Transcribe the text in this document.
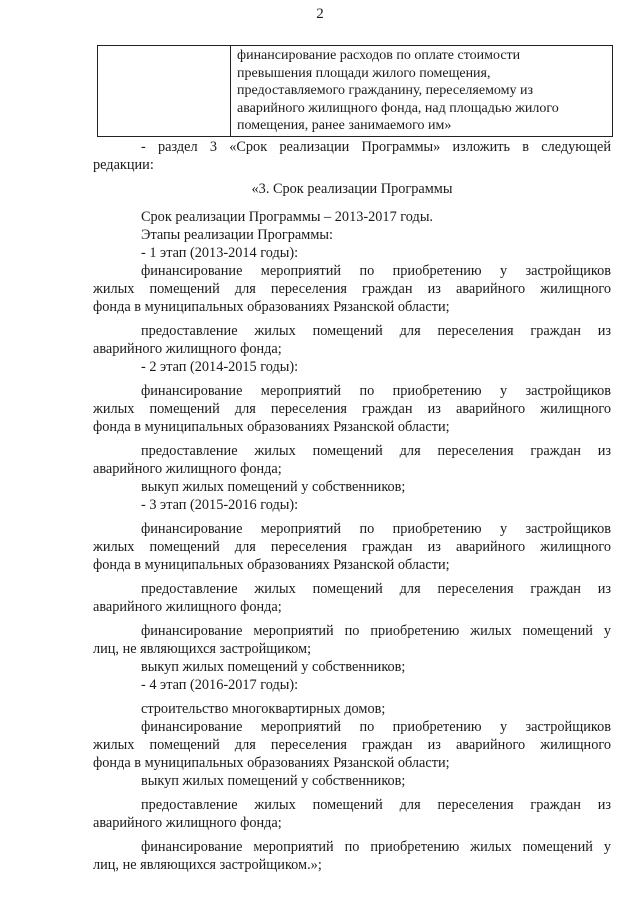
2
финансирование расходов по оплате стоимости
превышения площади жилого помещения,
предоставляемого гражданину, переселяемому из
аварийного жилищного фонда, над площадью жилого
помещения, ранее занимаемого им»

- раздел 3 «Срок реализации Программы» изложить в следующей
редакции:

«3. Срок реализации Программы

Срок реализации Программы – 2013-2017 годы.

Этапы реализации Программы:

- 1 этап (2013-2014 годы):

финансирование мероприятий по приобретению у застройщиков
жилых помещений для переселения граждан из аварийного жилищного
фонда в муниципальных образованиях Рязанской области;

предоставление жилых помещений для переселения граждан из
аварийного жилищного фонда;

- 2 этап (2014-2015 годы):

финансирование мероприятий по приобретению у застройщиков
жилых помещений для переселения граждан из аварийного жилищного
фонда в муниципальных образованиях Рязанской области;

предоставление жилых помещений для переселения граждан из
аварийного жилищного фонда;

выкуп жилых помещений у собственников;

- 3 этап (2015-2016 годы):

финансирование мероприятий по приобретению у застройщиков
жилых помещений для переселения граждан из аварийного жилищного
фонда в муниципальных образованиях Рязанской области;

предоставление жилых помещений для переселения граждан из
аварийного жилищного фонда;

финансирование мероприятий по приобретению жилых помещений у
лиц, не являющихся застройщиком;

выкуп жилых помещений у собственников;

- 4 этап (2016-2017 годы):

строительство многоквартирных домов;

финансирование мероприятий по приобретению у застройщиков
жилых помещений для переселения граждан из аварийного жилищного
фонда в муниципальных образованиях Рязанской области;

выкуп жилых помещений у собственников;

предоставление жилых помещений для переселения граждан из
аварийного жилищного фонда;

финансирование мероприятий по приобретению жилых помещений у
лиц, не являющихся застройщиком.»;
